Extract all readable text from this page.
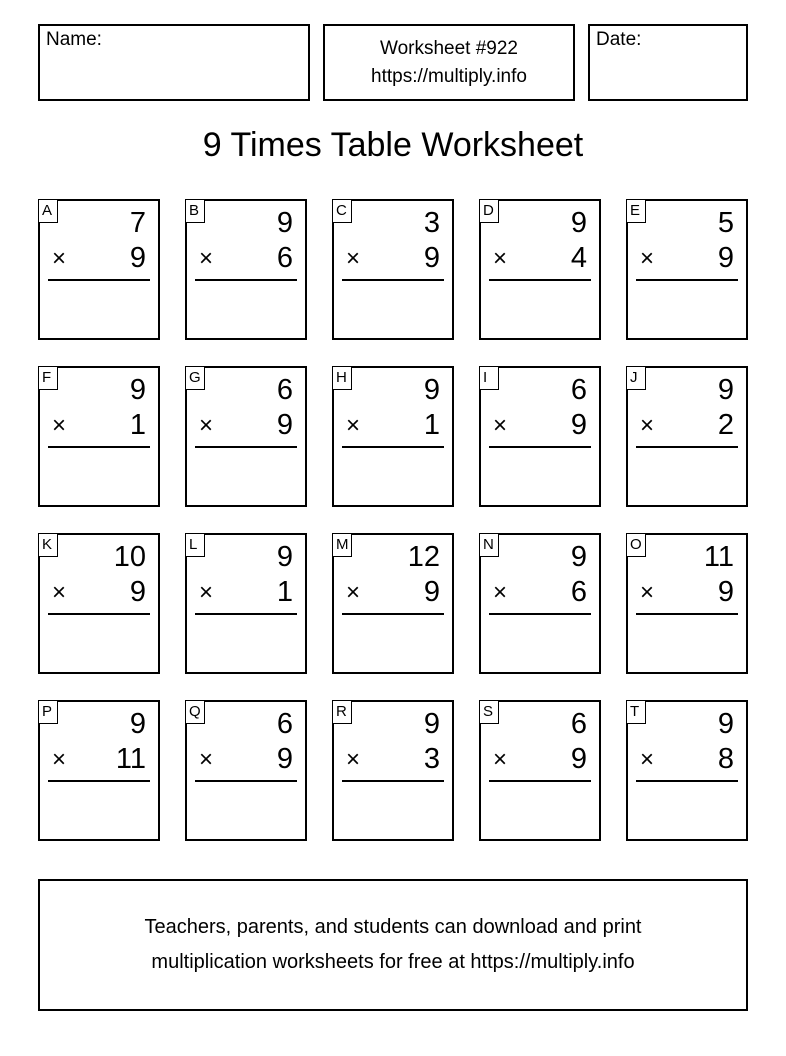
Name:	Worksheet #922
https://multiply.info
Date:
9 Times Table Worksheet
A	7
× 9
B	9
× 6
C	3
× 9
D	9
× 4
E	5
× 9
F	9
× 1
G	6
× 9
H	9
× 1
I	6
× 9
J	9
× 2
K 10
× 9
L	9
× 1
M 12
× 9
N	9
× 6
O 11
× 9
P	9
× 11
Q	6
× 9
R	9
× 3
S	6
× 9
T	9
× 8
Teachers, parents, and students can download and print
multiplication worksheets for free at https://multiply.info
